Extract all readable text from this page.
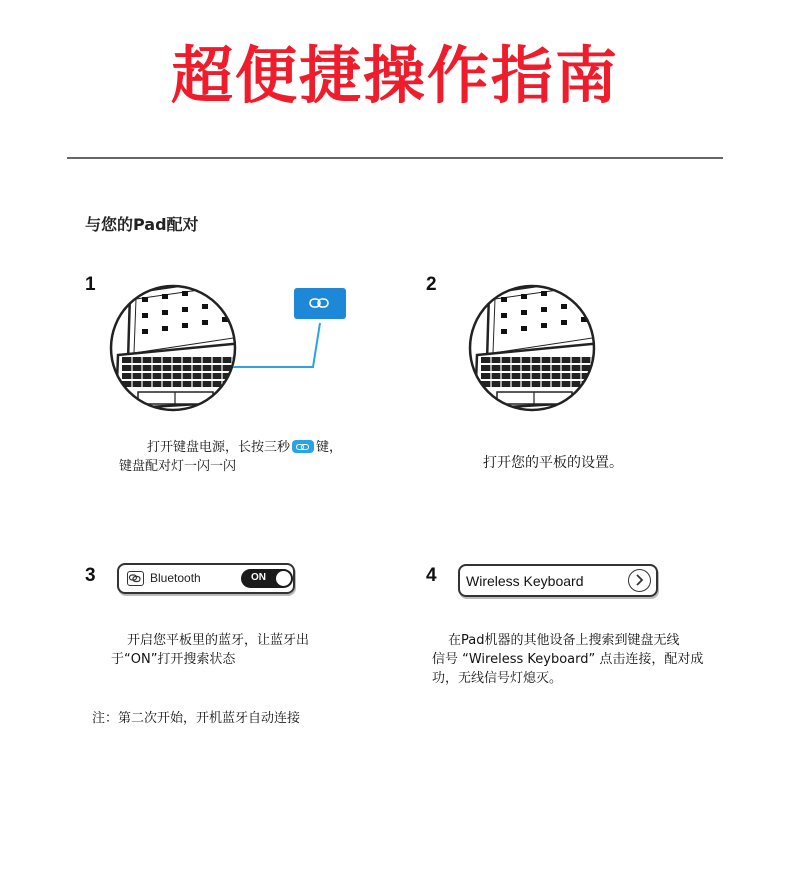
超便捷操作指南
与您的Pad配对
1
打开键盘电源，长按三秒 键，
键盘配对灯一闪一闪
2
打开您的平板的设置。
3	Bluetooth	ON
开启您平板里的蓝牙，让蓝牙出
于“ON”打开搜索状态
4 Wireless Keyboard
在Pad机器的其他设备上搜索到键盘无线
信号 “Wireless Keyboard” 点击连接，配对成
功，无线信号灯熄灭。
注：第二次开始，开机蓝牙自动连接
